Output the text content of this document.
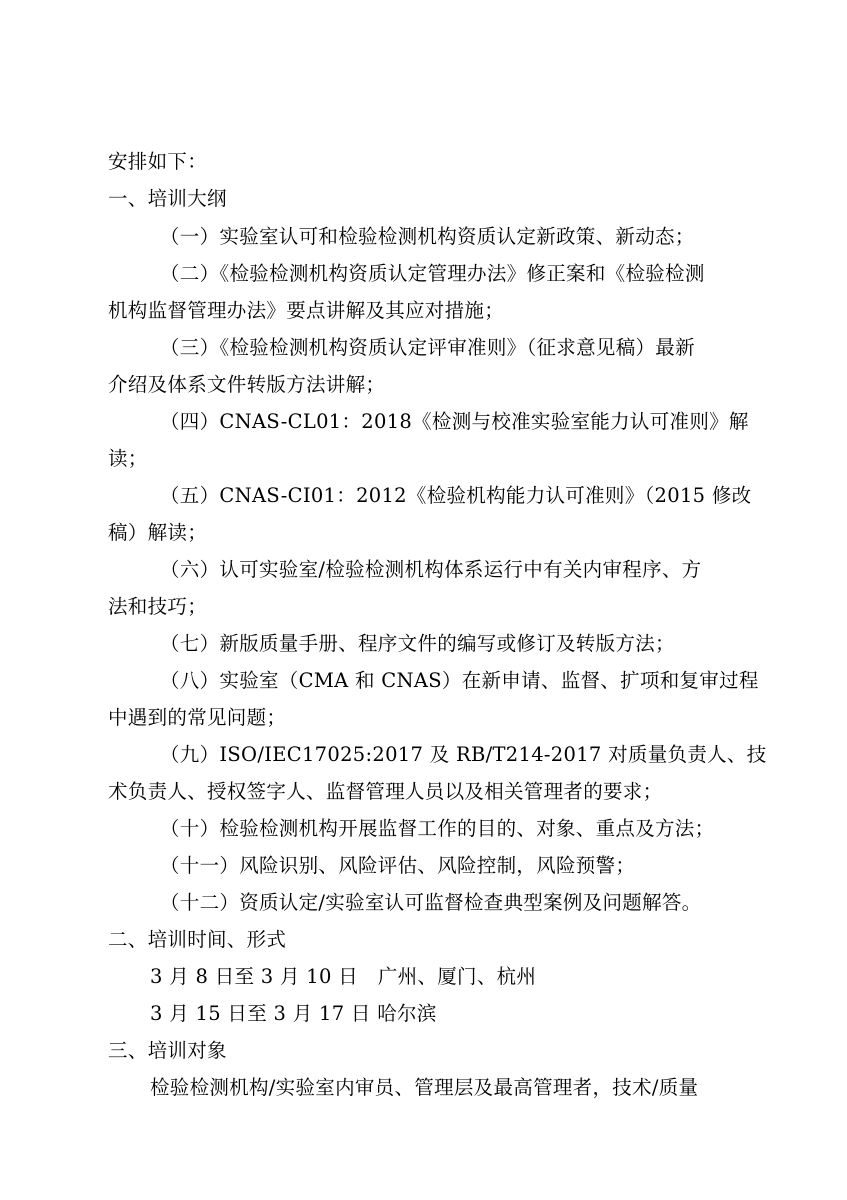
安排如下：
一、培训大纲
（一）实验室认可和检验检测机构资质认定新政策、新动态；
（二）《检验检测机构资质认定管理办法》修正案和《检验检测
机构监督管理办法》要点讲解及其应对措施；
（三）《检验检测机构资质认定评审准则》（征求意见稿）最新
介绍及体系文件转版方法讲解；
（四）CNAS-CL01：2018《检测与校准实验室能力认可准则》解
读；
（五）CNAS-CI01：2012《检验机构能力认可准则》（2015 修改
稿）解读；
（六）认可实验室/检验检测机构体系运行中有关内审程序、方
法和技巧；
（七）新版质量手册、程序文件的编写或修订及转版方法；
（八）实验室（CMA 和 CNAS）在新申请、监督、扩项和复审过程
中遇到的常见问题；
（九）ISO/IEC17025:2017 及 RB/T214-2017 对质量负责人、技
术负责人、授权签字人、监督管理人员以及相关管理者的要求；
（十）检验检测机构开展监督工作的目的、对象、重点及方法；
（十一）风险识别、风险评估、风险控制，风险预警；
（十二）资质认定/实验室认可监督检查典型案例及问题解答。
二、培训时间、形式
3 月 8 日至 3 月 10 日　广州、厦门、杭州
3 月 15 日至 3 月 17 日 哈尔滨
三、培训对象
检验检测机构/实验室内审员、管理层及最高管理者，技术/质量
